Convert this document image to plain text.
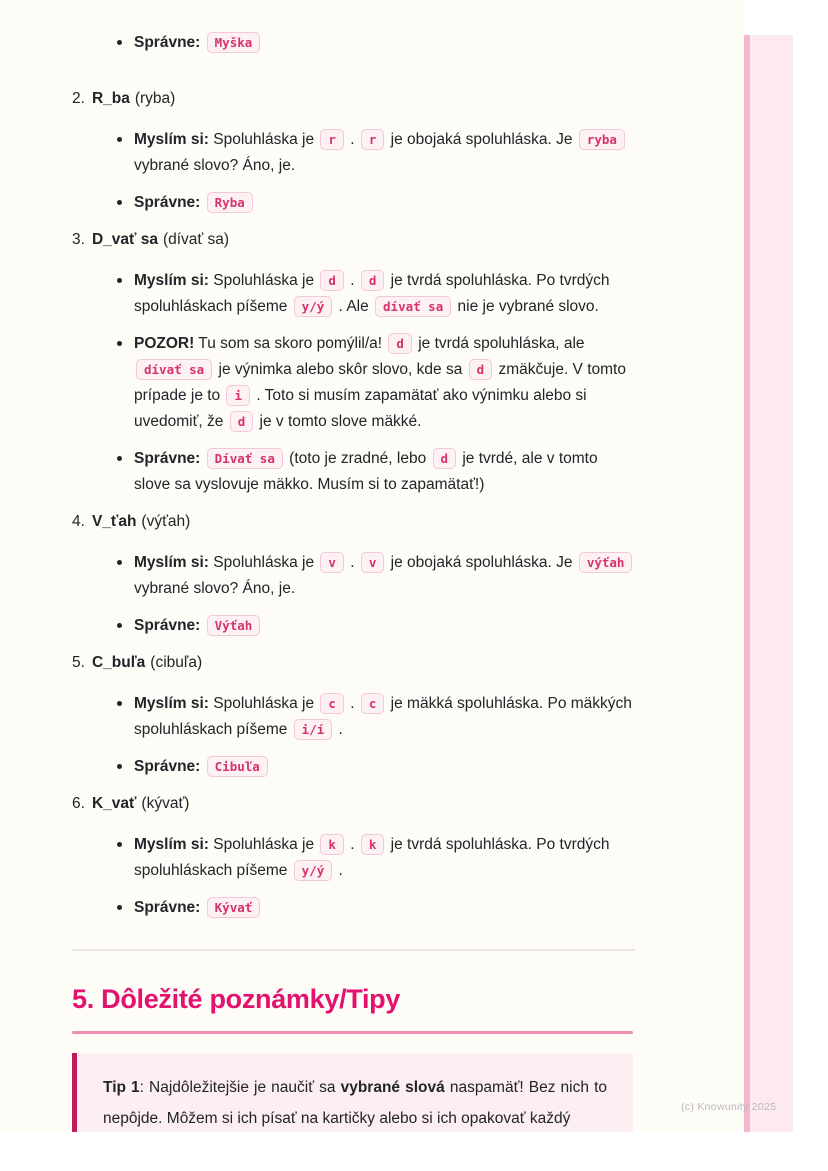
Správne: Myška
2. R_ba (ryba)
Myslím si: Spoluhláska je r . r je obojaká spoluhláska. Je ryba vybrané slovo? Áno, je.
Správne: Ryba
3. D_vať sa (dívať sa)
Myslím si: Spoluhláska je d . d je tvrdá spoluhláska. Po tvrdých spoluhláskach píšeme y/ý . Ale dívať sa nie je vybrané slovo.
POZOR! Tu som sa skoro pomýlil/a! d je tvrdá spoluhláska, ale dívať sa je výnimka alebo skôr slovo, kde sa d zmäkčuje. V tomto prípade je to i . Toto si musím zapamätať ako výnimku alebo si uvedomiť, že d je v tomto slove mäkké.
Správne: Dívať sa (toto je zradné, lebo d je tvrdé, ale v tomto slove sa vyslovuje mäkko. Musím si to zapamätať!)
4. V_ťah (výťah)
Myslím si: Spoluhláska je v . v je obojaká spoluhláska. Je výťah vybrané slovo? Áno, je.
Správne: Výťah
5. C_buľa (cibuľa)
Myslím si: Spoluhláska je c . c je mäkká spoluhláska. Po mäkkých spoluhláskach píšeme i/í .
Správne: Cibuľa
6. K_vať (kývať)
Myslím si: Spoluhláska je k . k je tvrdá spoluhláska. Po tvrdých spoluhláskach píšeme y/ý .
Správne: Kývať
5. Dôležité poznámky/Tipy
Tip 1: Najdôležitejšie je naučiť sa vybrané slová naspamäť! Bez nich to nepôjde. Môžem si ich písať na kartičky alebo si ich opakovať každý
(c) Knowunity 2025
